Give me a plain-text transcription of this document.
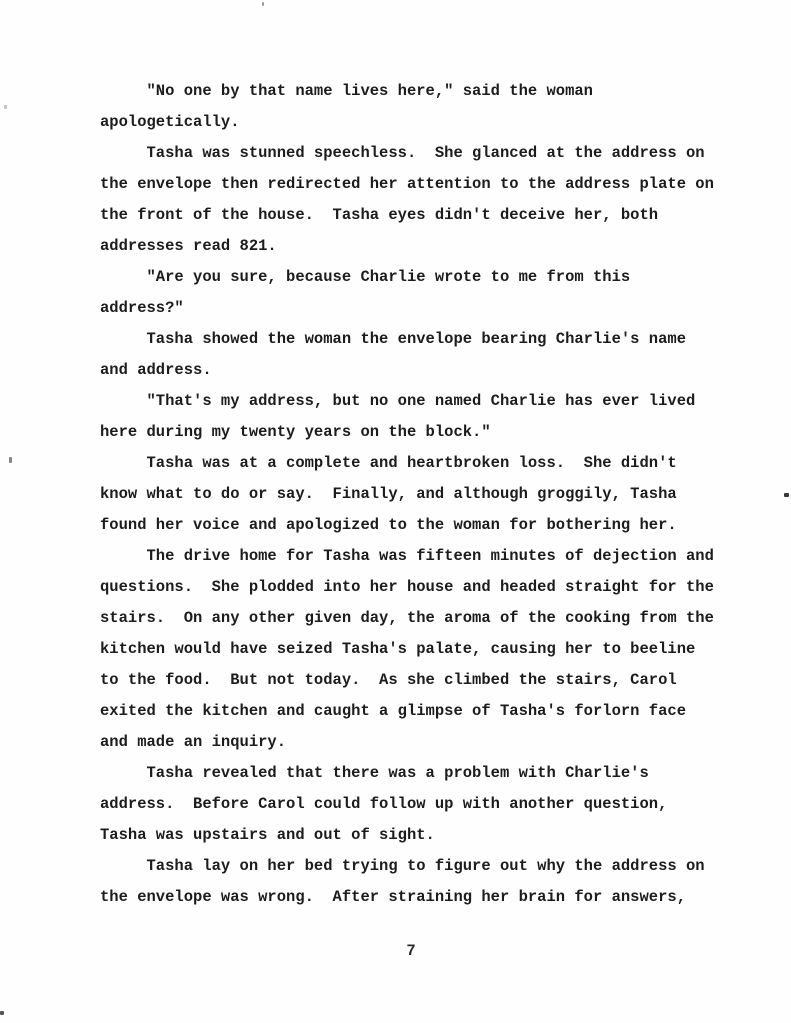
"No one by that name lives here," said the woman
apologetically.
Tasha was stunned speechless.  She glanced at the address on
the envelope then redirected her attention to the address plate on
the front of the house.  Tasha eyes didn't deceive her, both
addresses read 821.
"Are you sure, because Charlie wrote to me from this
address?"
Tasha showed the woman the envelope bearing Charlie's name
and address.
"That's my address, but no one named Charlie has ever lived
here during my twenty years on the block."
Tasha was at a complete and heartbroken loss.  She didn't
know what to do or say.  Finally, and although groggily, Tasha
found her voice and apologized to the woman for bothering her.
The drive home for Tasha was fifteen minutes of dejection and
questions.  She plodded into her house and headed straight for the
stairs.  On any other given day, the aroma of the cooking from the
kitchen would have seized Tasha's palate, causing her to beeline
to the food.  But not today.  As she climbed the stairs, Carol
exited the kitchen and caught a glimpse of Tasha's forlorn face
and made an inquiry.
Tasha revealed that there was a problem with Charlie's
address.  Before Carol could follow up with another question,
Tasha was upstairs and out of sight.
Tasha lay on her bed trying to figure out why the address on
the envelope was wrong.  After straining her brain for answers,
7
